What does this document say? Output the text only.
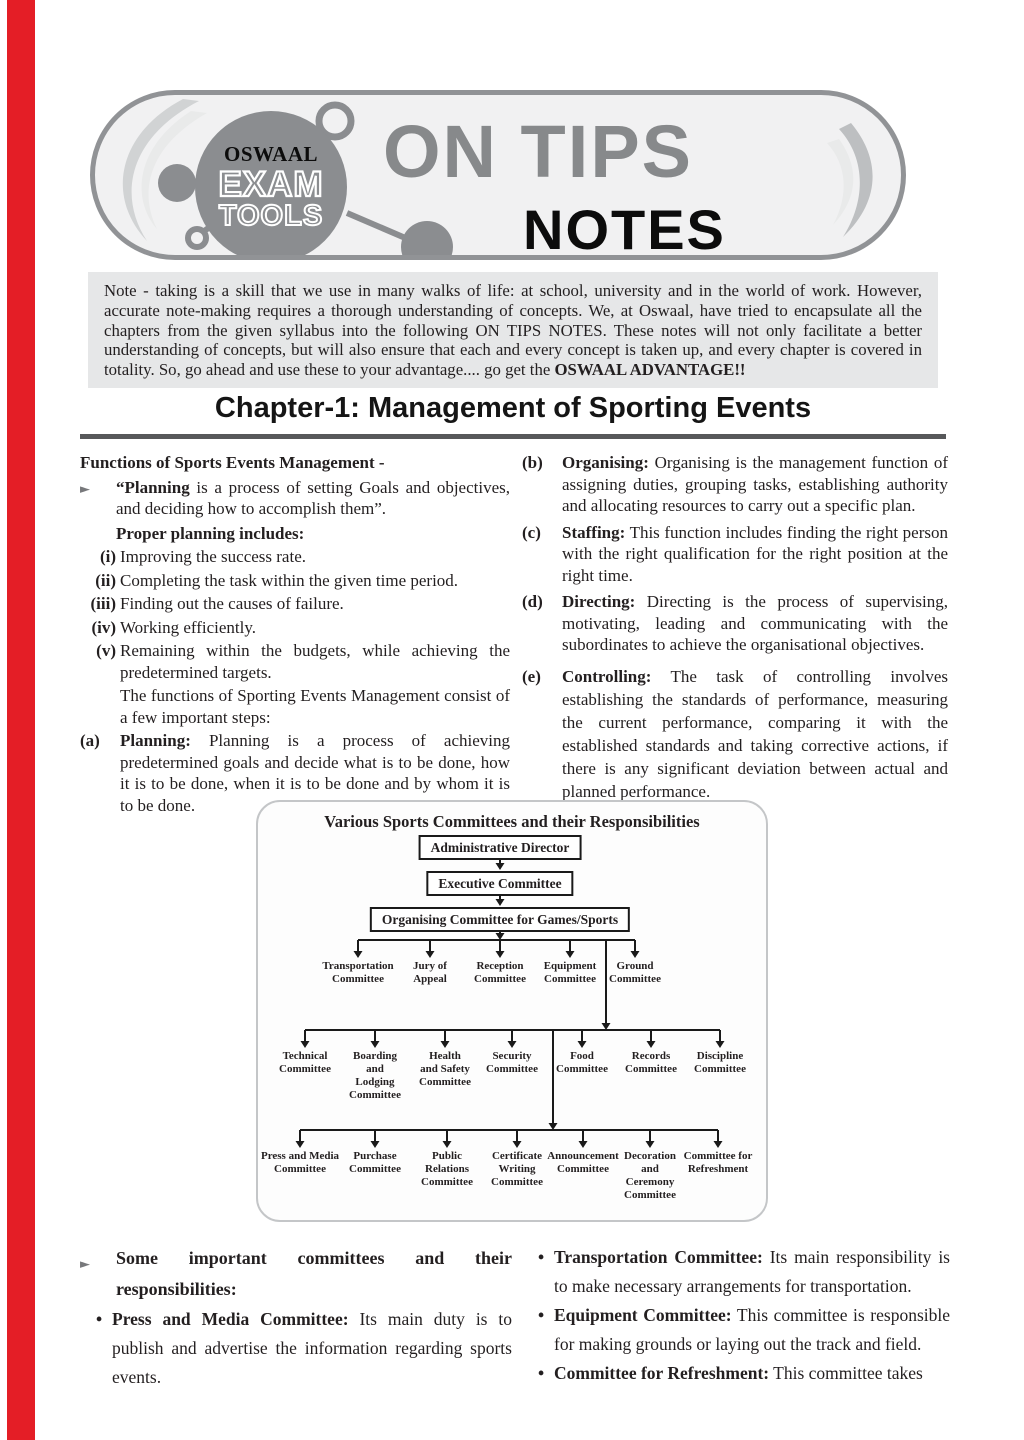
OSWAAL
EXAM
TOOLS
ON TIPS
NOTES
Note - taking is a skill that we use in many walks of life: at school, university and in the world of work. However, accurate note-making requires a thorough understanding of concepts. We, at Oswaal, have tried to encapsulate all the chapters from the given syllabus into the following ON TIPS NOTES. These notes will not only facilitate a better understanding of concepts, but will also ensure that each and every concept is taken up, and every chapter is covered in totality. So, go ahead and use these to your advantage.... go get the OSWAAL ADVANTAGE!!
Chapter-1: Management of Sporting Events
Functions of Sports Events Management -
► “Planning is a process of setting Goals and objectives, and deciding how to accomplish them”.
Proper planning includes:
(i) Improving the success rate.
(ii) Completing the task within the given time period.
(iii) Finding out the causes of failure.
(iv) Working efficiently.
(v) Remaining within the budgets, while achieving the predetermined targets.
The functions of Sporting Events Management consist of a few important steps:
(a)	Planning: Planning is a process of achieving predetermined goals and decide what is to be done, how it is to be done, when it is to be done and by whom it is to be done.
(b)	Organising: Organising is the management function of assigning duties, grouping tasks, establishing authority and allocating resources to carry out a specific plan.
(c)	Staffing: This function includes finding the right person with the right qualification for the right position at the right time.
(d)	Directing: Directing is the process of supervising, motivating, leading and communicating with the subordinates to achieve the organisational objectives.
(e)	Controlling: The task of controlling involves establishing the standards of performance, measuring the current performance, comparing it with the established standards and taking corrective actions, if there is any significant deviation between actual and planned performance.
Various Sports Committees and their Responsibilities
Administrative Director
Executive Committee
Organising Committee for Games/Sports
Transportation Committee
Jury of Appeal
Reception Committee
Equipment Committee
Ground Committee
Technical Committee
Boarding and Lodging Committee
Health and Safety Committee
Security Committee
Food Committee
Records Committee
Discipline Committee
Press and Media Committee
Purchase Committee
Public Relations Committee
Certificate Writing Committee
Announcement Committee
Decoration and Ceremony Committee
Committee for Refreshment
► Some important committees and their responsibilities:
• Press and Media Committee: Its main duty is to publish and advertise the information regarding sports events.
• Transportation Committee: Its main responsibility is to make necessary arrangements for transportation.
• Equipment Committee: This committee is responsible for making grounds or laying out the track and field.
• Committee for Refreshment: This committee takes
